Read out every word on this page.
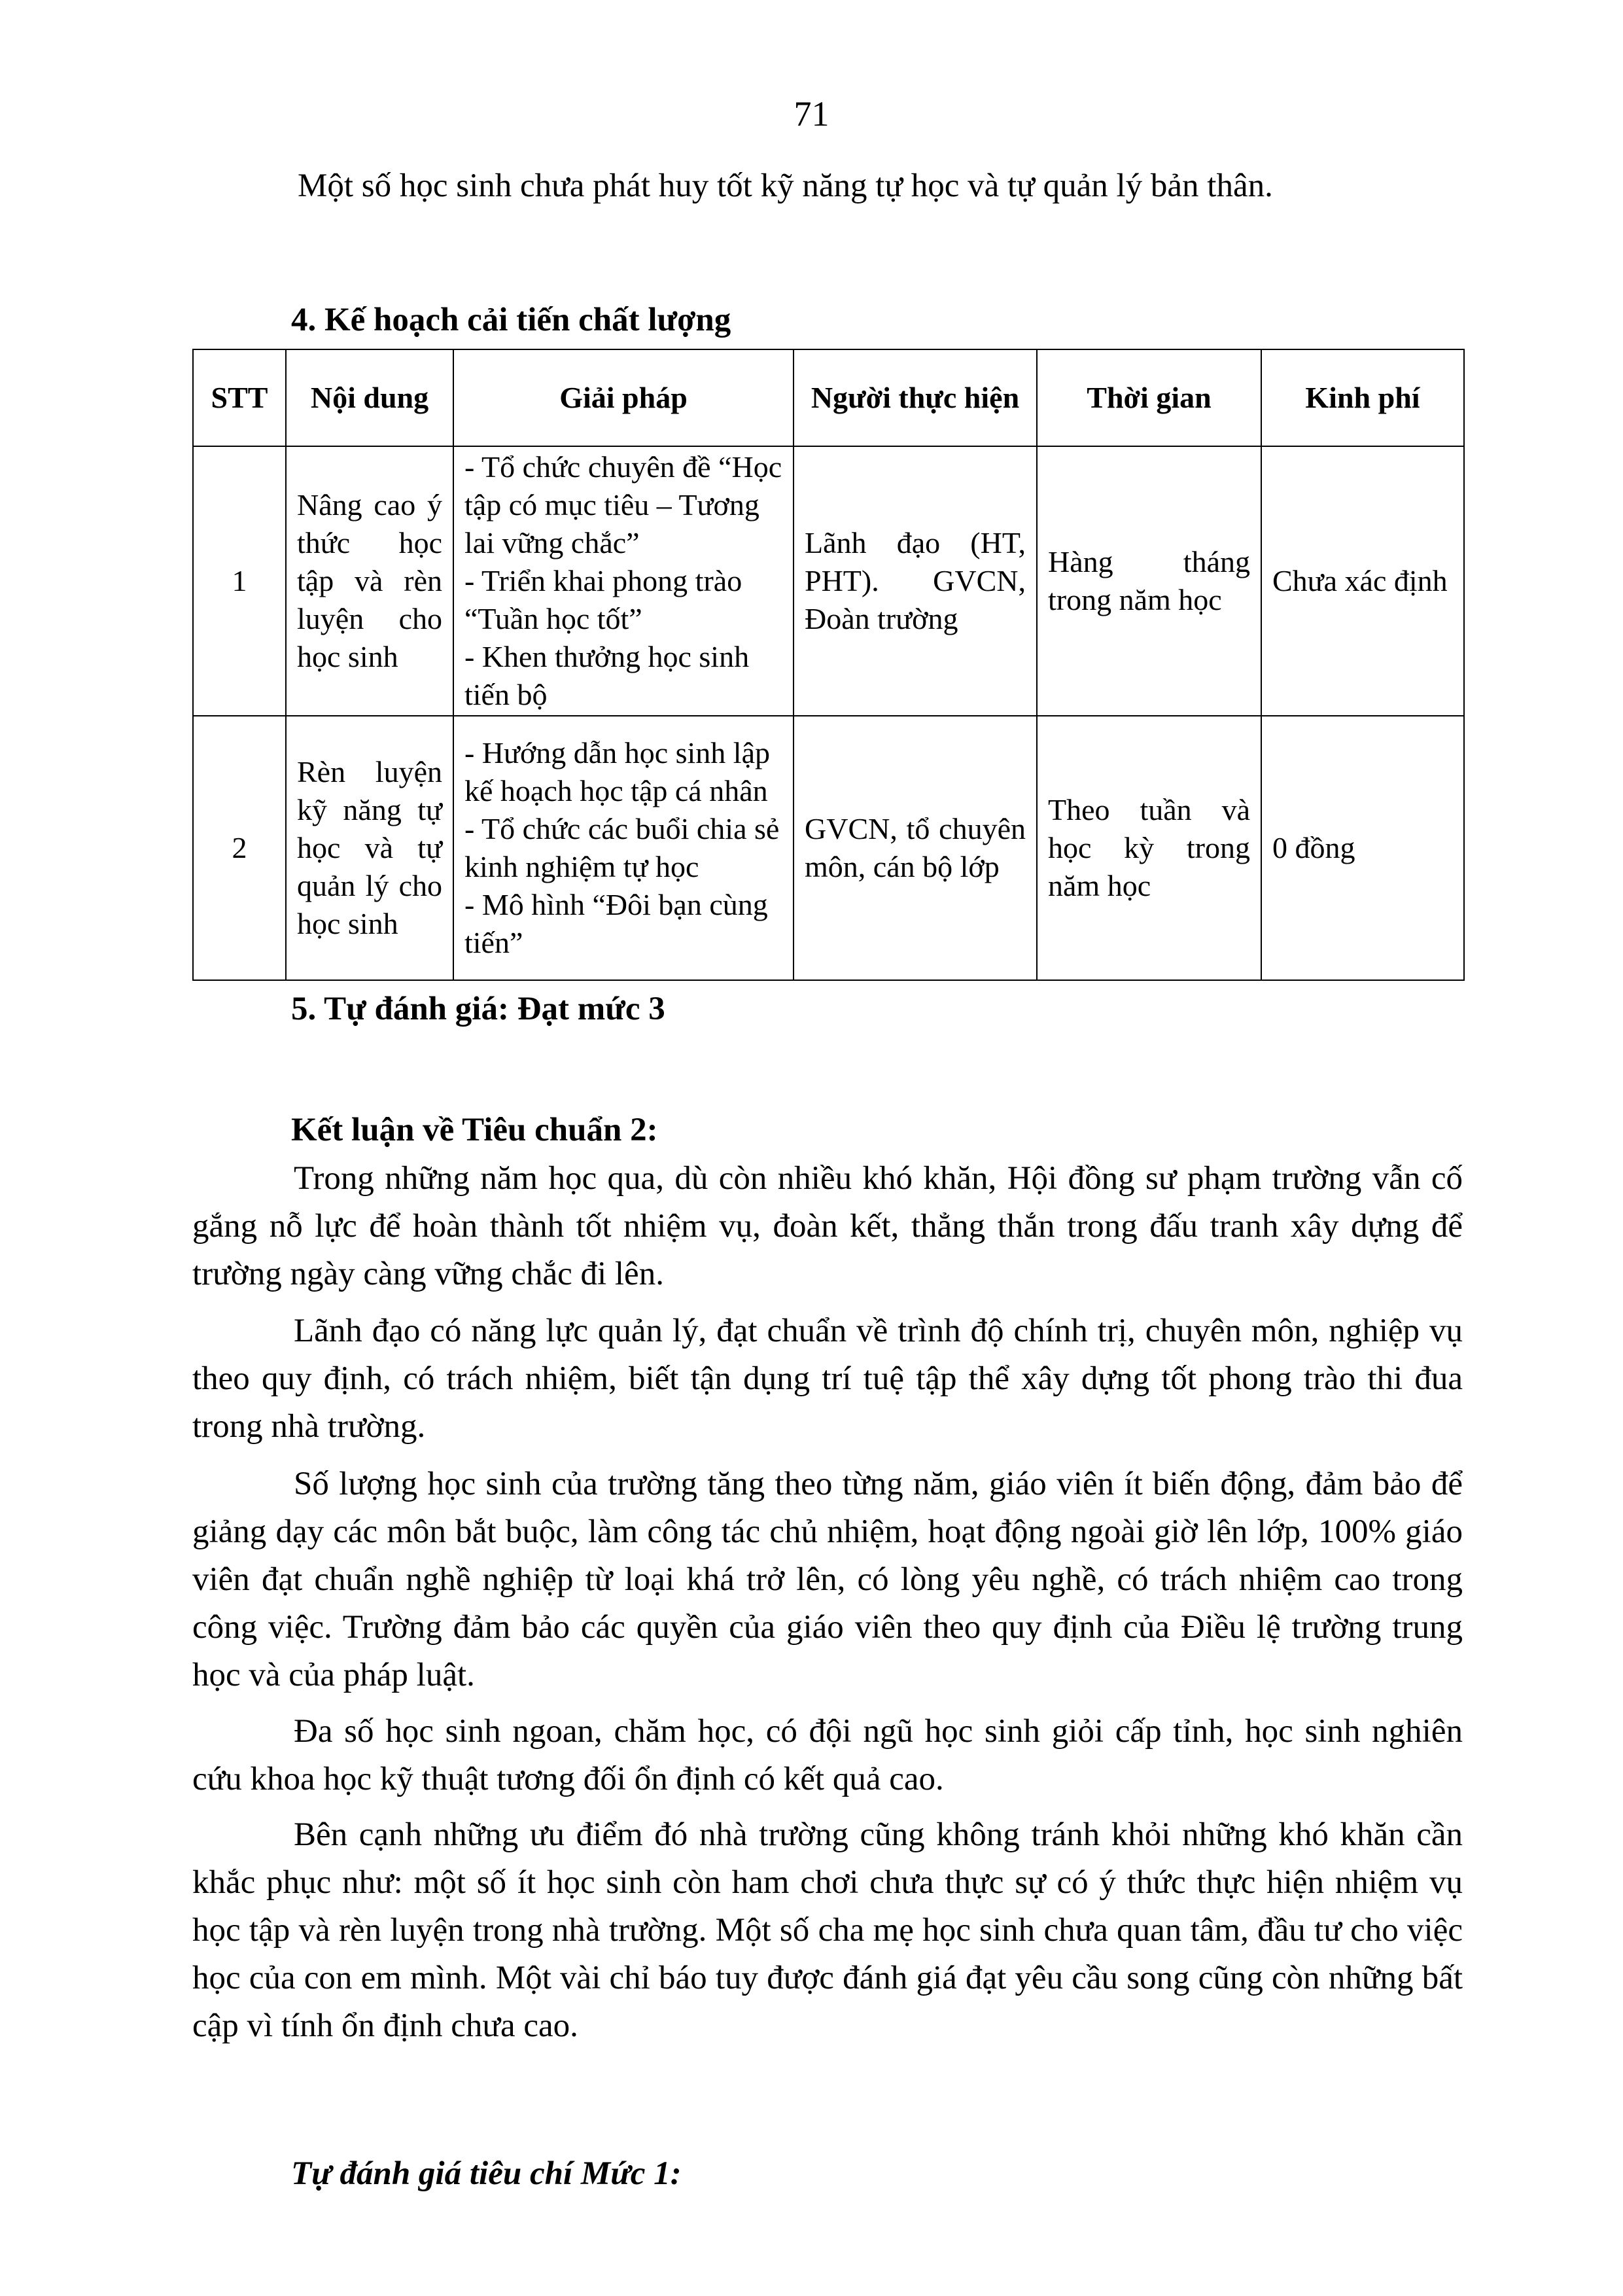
71
Một số học sinh chưa phát huy tốt kỹ năng tự học và tự quản lý bản thân.

4. Kế hoạch cải tiến chất lượng

STT	Nội dung	Giải pháp	Người thực hiện	Thời gian	Kinh phí
1	Nâng cao ý thức học tập và rèn luyện cho học sinh	- Tổ chức chuyên đề “Học tập có mục tiêu – Tương lai vững chắc”
- Triển khai phong trào “Tuần học tốt”
- Khen thưởng học sinh tiến bộ	Lãnh đạo (HT, PHT). GVCN, Đoàn trường	Hàng tháng trong năm học	Chưa xác định
2	Rèn luyện kỹ năng tự học và tự quản lý cho học sinh	- Hướng dẫn học sinh lập kế hoạch học tập cá nhân
- Tổ chức các buổi chia sẻ kinh nghiệm tự học
- Mô hình “Đôi bạn cùng tiến”	GVCN, tổ chuyên môn, cán bộ lớp	Theo tuần và học kỳ trong năm học	0 đồng

5. Tự đánh giá: Đạt mức 3

Kết luận về Tiêu chuẩn 2:

Trong những năm học qua, dù còn nhiều khó khăn, Hội đồng sư phạm trường vẫn cố gắng nỗ lực để hoàn thành tốt nhiệm vụ, đoàn kết, thẳng thắn trong đấu tranh xây dựng để trường ngày càng vững chắc đi lên.

Lãnh đạo có năng lực quản lý, đạt chuẩn về trình độ chính trị, chuyên môn, nghiệp vụ theo quy định, có trách nhiệm, biết tận dụng trí tuệ tập thể xây dựng tốt phong trào thi đua trong nhà trường.

Số lượng học sinh của trường tăng theo từng năm, giáo viên ít biến động, đảm bảo để giảng dạy các môn bắt buộc, làm công tác chủ nhiệm, hoạt động ngoài giờ lên lớp, 100% giáo viên đạt chuẩn nghề nghiệp từ loại khá trở lên, có lòng yêu nghề, có trách nhiệm cao trong công việc. Trường đảm bảo các quyền của giáo viên theo quy định của Điều lệ trường trung học và của pháp luật.

Đa số học sinh ngoan, chăm học, có đội ngũ học sinh giỏi cấp tỉnh, học sinh nghiên cứu khoa học kỹ thuật tương đối ổn định có kết quả cao.

Bên cạnh những ưu điểm đó nhà trường cũng không tránh khỏi những khó khăn cần khắc phục như: một số ít học sinh còn ham chơi chưa thực sự có ý thức thực hiện nhiệm vụ học tập và rèn luyện trong nhà trường. Một số cha mẹ học sinh chưa quan tâm, đầu tư cho việc học của con em mình. Một vài chỉ báo tuy được đánh giá đạt yêu cầu song cũng còn những bất cập vì tính ổn định chưa cao.

Tự đánh giá tiêu chí Mức 1:
